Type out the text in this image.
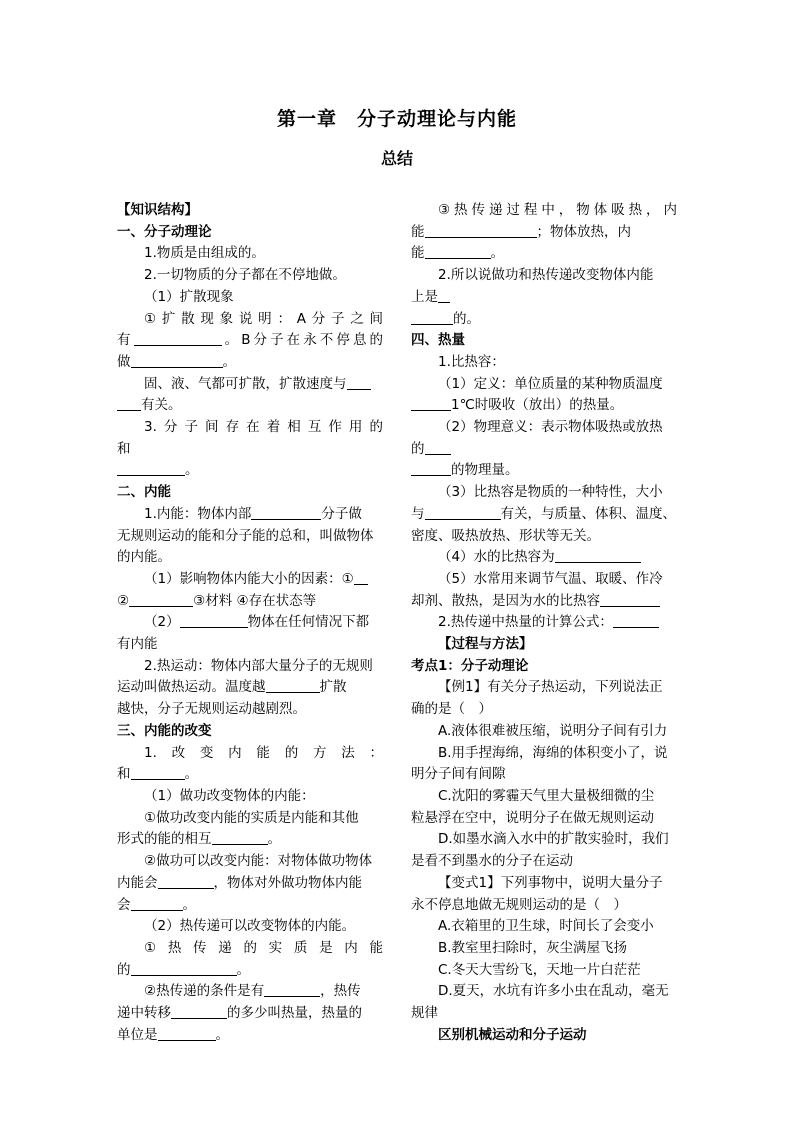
第一章　分子动理论与内能
总结
【知识结构】
一、分子动理论
1.物质是由组成的。
2.一切物质的分子都在不停地做。
（1）扩散现象
①扩散现象说明：A分子之间
有	。B分子在永不停息的
做	。
固、液、气都可扩散，扩散速度与
有关。
3.分子间存在着相互作用的
和
。
二、内能
1.内能：物体内部	分子做
无规则运动的能和分子能的总和，叫做物体
的内能。
（1）影响物体内能大小的因素：①
②	③材料 ④存在状态等
（2）	物体在任何情况下都
有内能
2.热运动：物体内部大量分子的无规则
运动叫做热运动。温度越	扩散
越快，分子无规则运动越剧烈。
三、内能的改变
1.改变内能的方法：
和	。
（1）做功改变物体的内能：
①做功改变内能的实质是内能和其他
形式的能的相互	。
②做功可以改变内能：对物体做功物体
内能会	，物体对外做功物体内能
会	。
（2）热传递可以改变物体的内能。
①热传递的实质是内能
的	。
②热传递的条件是有	，热传
递中转移	的多少叫热量，热量的
单位是	。
③热传递过程中，物体吸热，内
能	；物体放热，内
能	。
2.所以说做功和热传递改变物体内能
上是
的。
四、热量
1.比热容：
（1）定义：单位质量的某种物质温度
1℃时吸收（放出）的热量。
（2）物理意义：表示物体吸热或放热
的
的物理量。
（3）比热容是物质的一种特性，大小
与	有关，与质量、体积、温度、
密度、吸热放热、形状等无关。
（4）水的比热容为
（5）水常用来调节气温、取暖、作冷
却剂、散热，是因为水的比热容
2.热传递中热量的计算公式：
【过程与方法】
考点1：分子动理论
【例1】有关分子热运动，下列说法正
确的是（　）
A.液体很难被压缩，说明分子间有引力
B.用手捏海绵，海绵的体积变小了，说
明分子间有间隙
C.沈阳的雾霾天气里大量极细微的尘
粒悬浮在空中，说明分子在做无规则运动
D.如墨水滴入水中的扩散实验时，我们
是看不到墨水的分子在运动
【变式1】下列事物中，说明大量分子
永不停息地做无规则运动的是（　）
A.衣箱里的卫生球，时间长了会变小
B.教室里扫除时，灰尘满屋飞扬
C.冬天大雪纷飞，天地一片白茫茫
D.夏天，水坑有许多小虫在乱动，毫无
规律
区别机械运动和分子运动
